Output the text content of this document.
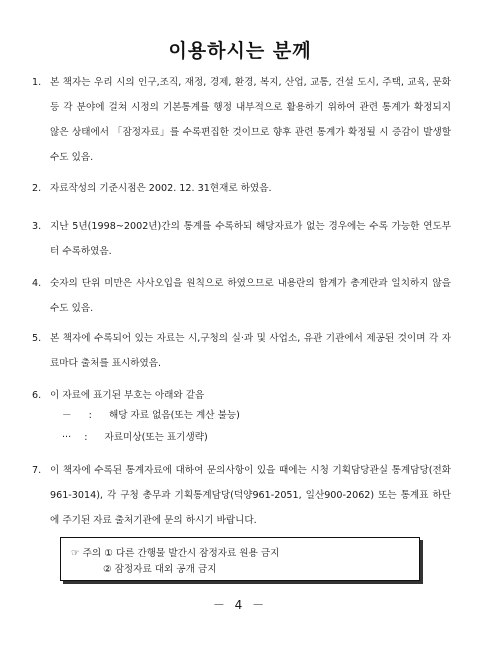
이용하시는 분께
1. 본 책자는 우리 시의 인구,조직, 재정, 경제, 환경, 복지, 산업, 교통, 건설 도시, 주택, 교육, 문화 등 각 분야에 걸쳐 시정의 기본통계를 행정 내부적으로 활용하기 위하여 관련 통계가 확정되지 않은 상태에서 「잠정자료」를 수록편집한 것이므로 향후 관련 통계가 확정될 시 증감이 발생할 수도 있음.
2. 자료작성의 기준시점은 2002. 12. 31현재로 하였음.
3. 지난 5년(1998~2002년)간의 통계를 수록하되 해당자료가 없는 경우에는 수록 가능한 연도부터 수록하였음.
4. 숫자의 단위 미만은 사사오입을 원칙으로 하였으므로 내용란의 합계가 총계란과 일치하지 않을 수도 있음.
5. 본 책자에 수록되어 있는 자료는 시,구청의 실·과 및 사업소, 유관 기관에서 제공된 것이며 각 자료마다 출처를 표시하였음.
6. 이 자료에 표기된 부호는 아래와 같음
－ : 해당 자료 없음(또는 계산 불능)
··· : 자료미상(또는 표기생략)
7. 이 책자에 수록된 통계자료에 대하여 문의사항이 있을 때에는 시청 기획담당관실 통계담당(전화 961-3014), 각 구청 총무과 기획통계담당(덕양961-2051, 일산900-2062) 또는 통계표 하단에 주기된 자료 출처기관에 문의 하시기 바랍니다.
☞ 주의 ① 다른 간행물 발간시 잠정자료 원용 금지
② 잠정자료 대외 공개 금지
－ 4 －
